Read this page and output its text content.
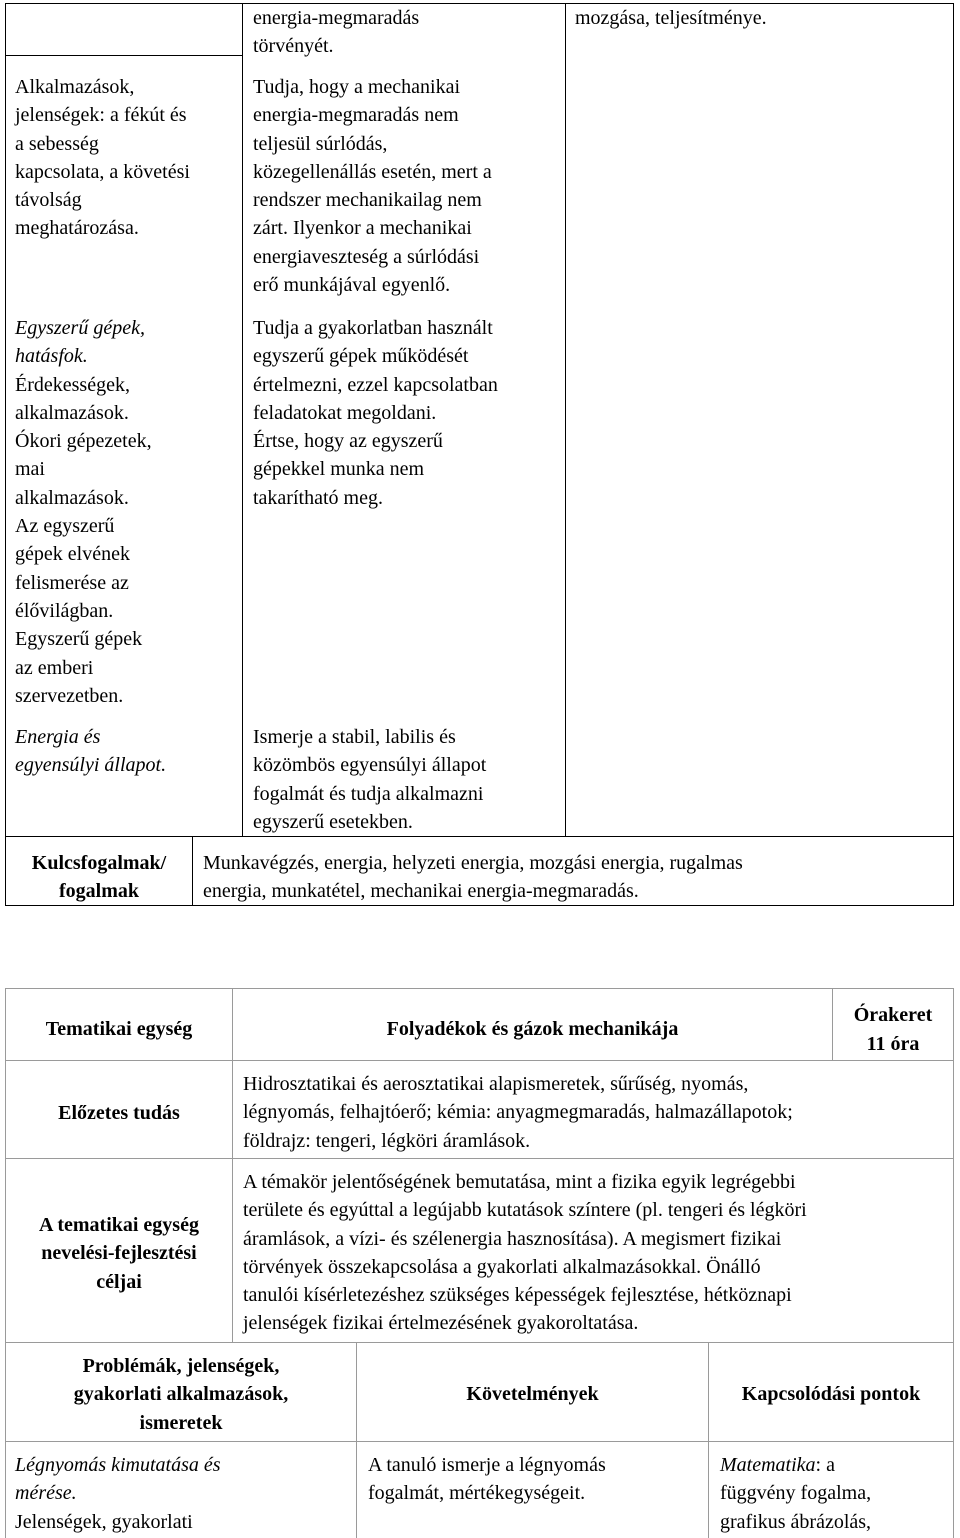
Alkalmazások,
jelenségek: a fékút és
a sebesség
kapcsolata, a követési
távolság
meghatározása.
energia-megmaradás
törvényét.
Tudja, hogy a mechanikai
energia-megmaradás nem
teljesül súrlódás,
közegellenállás esetén, mert a
rendszer mechanikailag nem
zárt. Ilyenkor a mechanikai
energiaveszteség a súrlódási
erő munkájával egyenlő.
mozgása, teljesítménye.
Egyszerű gépek,
hatásfok.
Érdekességek,
alkalmazások.
Ókori gépezetek,
mai
alkalmazások.
Az egyszerű
gépek elvének
felismerése az
élővilágban.
Egyszerű gépek
az emberi
szervezetben.
Tudja a gyakorlatban használt
egyszerű gépek működését
értelmezni, ezzel kapcsolatban
feladatokat megoldani.
Értse, hogy az egyszerű
gépekkel munka nem
takarítható meg.
Energia és
egyensúlyi állapot.
Ismerje a stabil, labilis és
közömbös egyensúlyi állapot
fogalmát és tudja alkalmazni
egyszerű esetekben.
Kulcsfogalmak/
fogalmak
Munkavégzés, energia, helyzeti energia, mozgási energia, rugalmas
energia, munkatétel, mechanikai energia-megmaradás.
Tematikai egység	Folyadékok és gázok mechanikája
Órakeret
11 óra
Előzetes tudás
Hidrosztatikai és aerosztatikai alapismeretek, sűrűség, nyomás,
légnyomás, felhajtóerő; kémia: anyagmegmaradás, halmazállapotok;
földrajz: tengeri, légköri áramlások.
A tematikai egység
nevelési-fejlesztési
céljai
A témakör jelentőségének bemutatása, mint a fizika egyik legrégebbi
területe és egyúttal a legújabb kutatások színtere (pl. tengeri és légköri
áramlások, a vízi- és szélenergia hasznosítása). A megismert fizikai
törvények összekapcsolása a gyakorlati alkalmazásokkal. Önálló
tanulói kísérletezéshez szükséges képességek fejlesztése, hétköznapi
jelenségek fizikai értelmezésének gyakoroltatása.
Problémák, jelenségek,
gyakorlati alkalmazások,
ismeretek
Követelmények	Kapcsolódási pontok
Légnyomás kimutatása és
mérése.
Jelenségek, gyakorlati
A tanuló ismerje a légnyomás
fogalmát, mértékegységeit.
Matematika: a
függvény fogalma,
grafikus ábrázolás,
